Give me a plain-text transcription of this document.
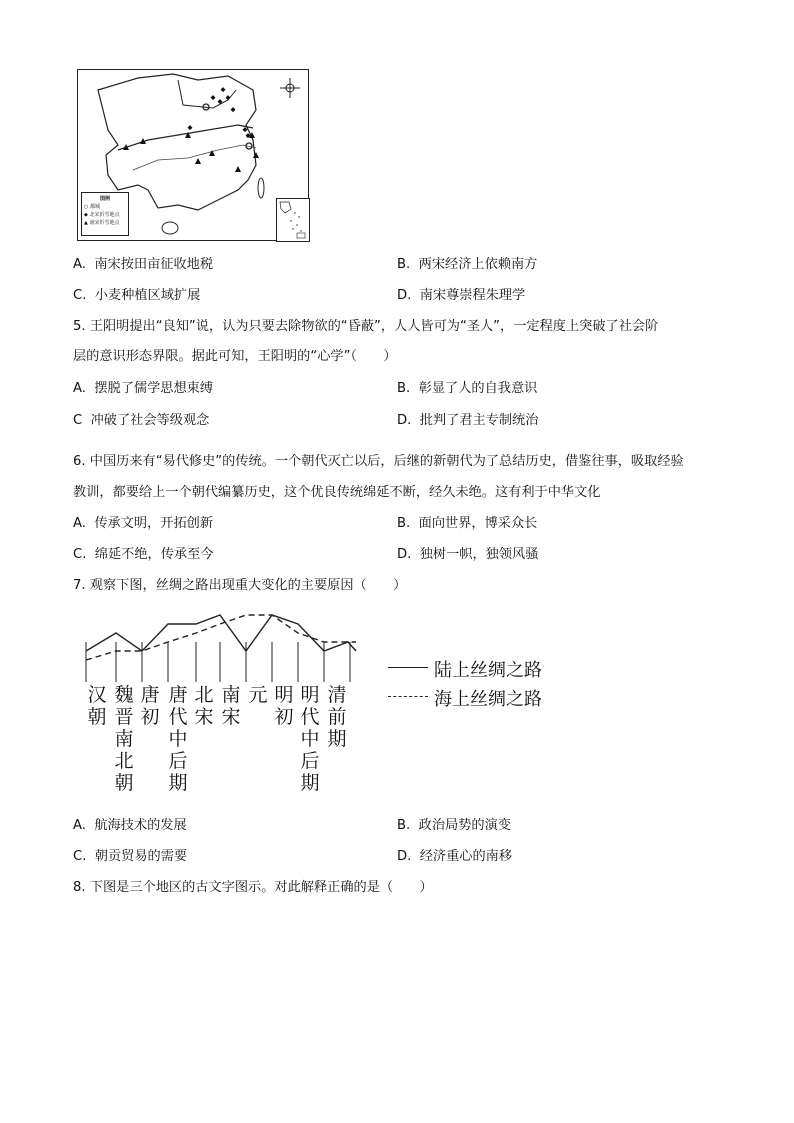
图例
○ 都城
◆ 北宋折雪地点
▲ 南宋折雪地点
A. 南宋按田亩征收地税	B. 两宋经济上依赖南方
C. 小麦种植区域扩展	D. 南宋尊崇程朱理学
5. 王阳明提出“良知”说，认为只要去除物欲的“昏蔽”，人人皆可为“圣人”，一定程度上突破了社会阶
层的意识形态界限。据此可知，王阳明的“心学”（　　）
A. 摆脱了儒学思想束缚	B. 彰显了人的自我意识
C 冲破了社会等级观念	D. 批判了君主专制统治
6. 中国历来有“易代修史”的传统。一个朝代灭亡以后，后继的新朝代为了总结历史，借鉴往事，吸取经验
教训，都要给上一个朝代编纂历史，这个优良传统绵延不断，经久未绝。这有利于中华文化
A. 传承文明，开拓创新	B. 面向世界，博采众长
C. 绵延不绝，传承至今	D. 独树一帜，独领风骚
7. 观察下图，丝绸之路出现重大变化的主要原因（　　）
汉
朝
魏
晋
南
北
朝
唐
初
唐
代
中
后
期
北
宋
南
宋
元 明
初
明
代
中
后
期
清
前
期
陆上丝绸之路
海上丝绸之路
A. 航海技术的发展	B. 政治局势的演变
C. 朝贡贸易的需要	D. 经济重心的南移
8. 下图是三个地区的古文字图示。对此解释正确的是（　　）
